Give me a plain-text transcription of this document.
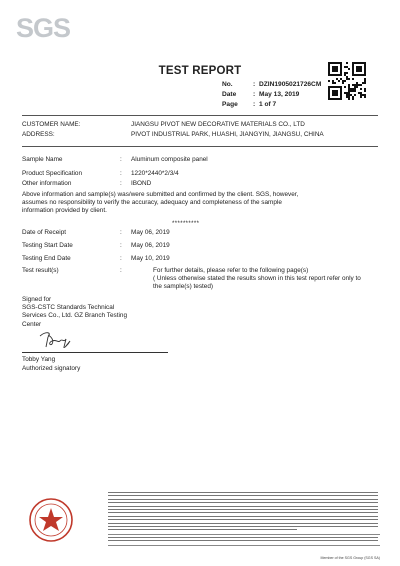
SGS
TEST REPORT
No.	: DZIN1905021726CM
Date	: May 13, 2019
Page	: 1 of 7
CUSTOMER NAME:	JIANGSU PIVOT NEW DECORATIVE MATERIALS CO., LTD
ADDRESS:	PIVOT INDUSTRIAL PARK, HUASHI, JIANGYIN, JIANGSU, CHINA
Sample Name	: Aluminum composite panel
Product Specification	: 1220*2440*2/3/4
Other information	: IBOND
Above information and sample(s) was/were submitted and confirmed by the client. SGS, however,
assumes no responsibility to verify the accuracy, adequacy and completeness of the sample
information provided by client.
**********
Date of Receipt	: May 06, 2019
Testing Start Date	: May 06, 2019
Testing End Date	: May 10, 2019
Test result(s)	:	For further details, please refer to the following page(s)
( Unless otherwise stated the results shown in this test report refer only to
the sample(s) tested)
Signed for
SGS-CSTC Standards Technical
Services Co., Ltd. GZ Branch Testing
Center
Tobby Yang
Authorized signatory
Member of the SGS Group (SGS SA)
